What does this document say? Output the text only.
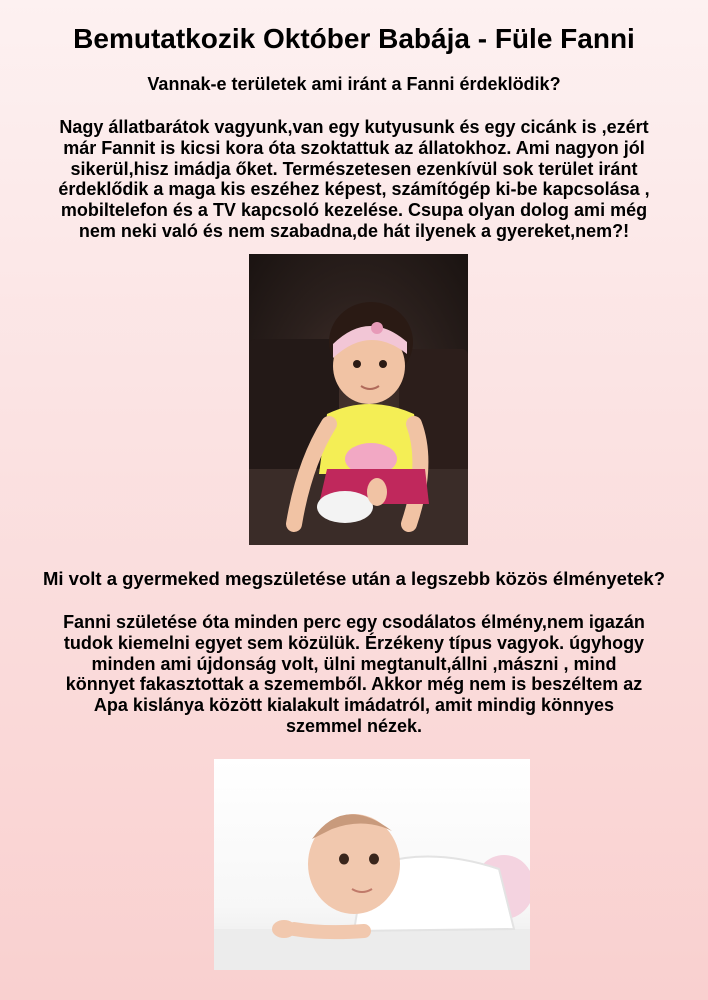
Bemutatkozik Október Babája - Füle Fanni

Vannak-e területek ami iránt a Fanni érdeklödik?

Nagy állatbarátok vagyunk,van egy kutyusunk és egy cicánk is ,ezért
már Fannit is kicsi kora óta szoktattuk az állatokhoz. Ami nagyon jól
sikerül,hisz imádja őket. Természetesen ezenkívül sok terület iránt
érdeklődik a maga kis eszéhez képest, számítógép ki-be kapcsolása ,
mobiltelefon és a TV kapcsoló kezelése. Csupa olyan dolog ami még
nem neki való és nem szabadna,de hát ilyenek a gyereket,nem?!

Mi volt a gyermeked megszületése után a legszebb közös élményetek?

Fanni születése óta minden perc egy csodálatos élmény,nem igazán
tudok kiemelni egyet sem közülük. Érzékeny típus vagyok. úgyhogy
minden ami újdonság volt, ülni megtanult,állni ,mászni , mind
könnyet fakasztottak a szememből. Akkor még nem is beszéltem az
Apa kislánya között kialakult imádatról, amit mindig könnyes
szemmel nézek.
